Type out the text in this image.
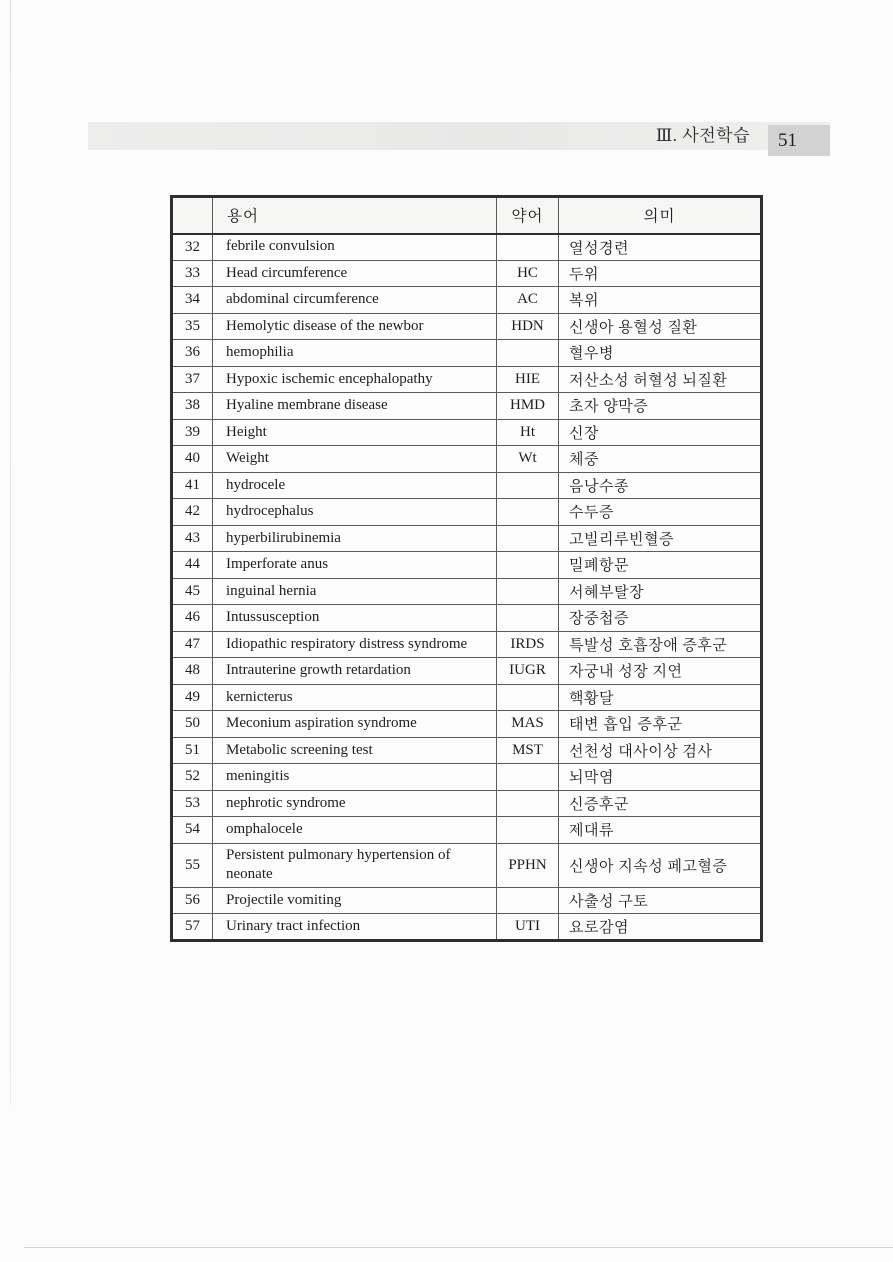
Ⅲ. 사전학습	51
	용어	약어	의미
32	febrile convulsion		열성경련
33	Head circumference	HC	두위
34	abdominal circumference	AC	복위
35	Hemolytic disease of the newbor	HDN	신생아 용혈성 질환
36	hemophilia		혈우병
37	Hypoxic ischemic encephalopathy	HIE	저산소성 허혈성 뇌질환
38	Hyaline membrane disease	HMD	초자 양막증
39	Height	Ht	신장
40	Weight	Wt	체중
41	hydrocele		음낭수종
42	hydrocephalus		수두증
43	hyperbilirubinemia		고빌리루빈혈증
44	Imperforate anus		밀폐항문
45	inguinal hernia		서혜부탈장
46	Intussusception		장중첩증
47	Idiopathic respiratory distress syndrome	IRDS	특발성 호흡장애 증후군
48	Intrauterine growth retardation	IUGR	자궁내 성장 지연
49	kernicterus		핵황달
50	Meconium aspiration syndrome	MAS	태변 흡입 증후군
51	Metabolic screening test	MST	선천성 대사이상 검사
52	meningitis		뇌막염
53	nephrotic syndrome		신증후군
54	omphalocele		제대류
55	Persistent pulmonary hypertension of neonate	PPHN	신생아 지속성 페고혈증
56	Projectile vomiting		사출성 구토
57	Urinary tract infection	UTI	요로감염
